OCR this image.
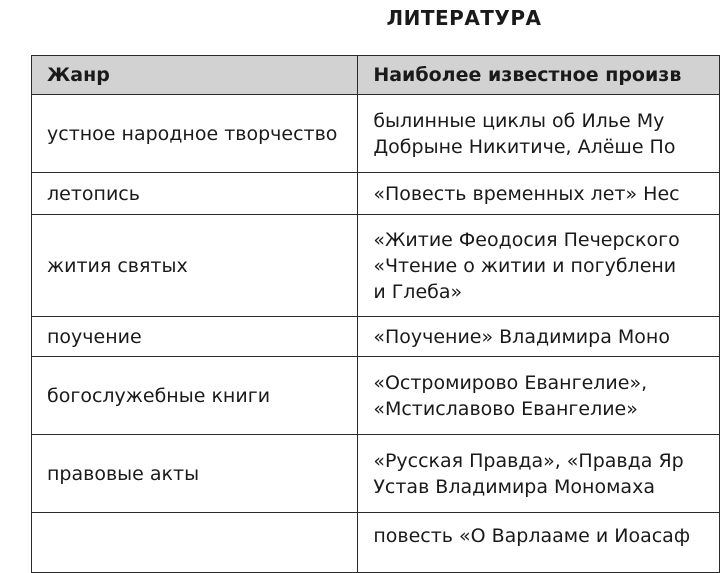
ЛИТЕРАТУРА
Жанр	Наиболее известное произв
устное народное творчество	былинные циклы об Илье Му
Добрыне Никитиче, Алёше По

летопись	«Повесть временных лет» Нес

жития святых	«Житие Феодосия Печерского
«Чтение о житии и погублени
и Глеба»

поучение	«Поучение» Владимира Моно

богослужебные книги	«Остромирово Евангелие»,
«Мстиславово Евангелие»

правовые акты	«Русская Правда», «Правда Яр
Устав Владимира Мономаха

	повесть «О Варлааме и Иоасаф
